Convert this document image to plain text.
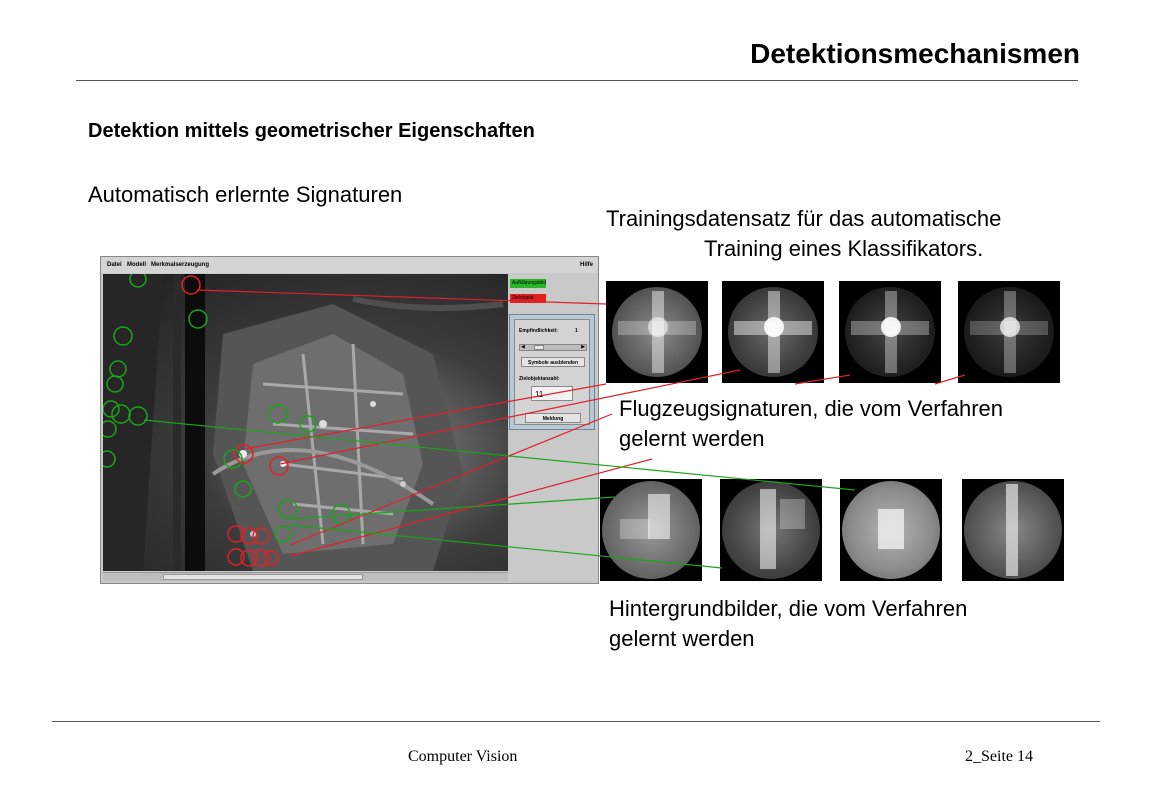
Detektionsmechanismen
Detektion mittels geometrischer Eigenschaften
Automatisch erlernte Signaturen
Trainingsdatensatz für das automatische
Training eines Klassifikators.
Datei Modell Merkmalserzeugung	Hilfe
Aufklärungsbild
Zielobjekt
Empfindlichkeit:	1
◀	▶
Symbole ausblenden
Zielobjektanzahl:
11
Meldung	Flugzeugsignaturen, die vom Verfahren
gelernt werden
Hintergrundbilder, die vom Verfahren
gelernt werden
Computer Vision	2_Seite 14
